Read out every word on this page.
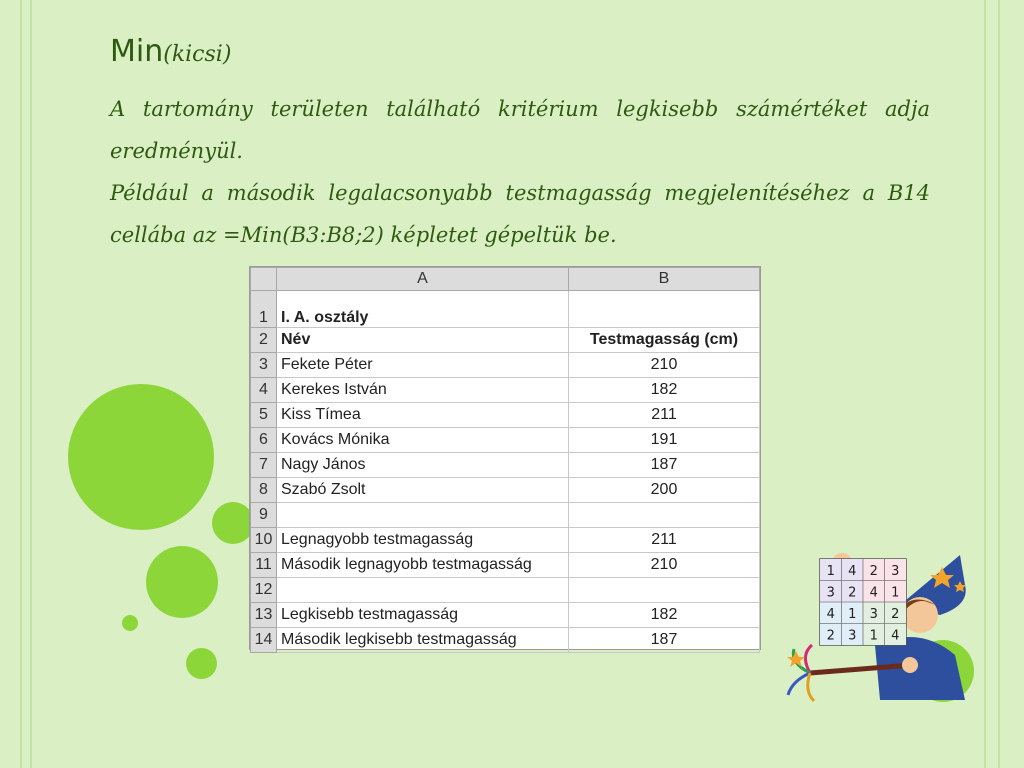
Min(kicsi)

A tartomány területen található kritérium legkisebb számértéket adja eredményül.

Például a második legalacsonyabb testmagasság megjelenítéséhez a B14 cellába az =Min(B3:B8;2) képletet gépeltük be.

	A	B
1	I. A. osztály	
2	Név	Testmagasság (cm)
3	Fekete Péter	210
4	Kerekes István	182
5	Kiss Tímea	211
6	Kovács Mónika	191
7	Nagy János	187
8	Szabó Zsolt	200
9		
10	Legnagyobb testmagasság	211
11	Második legnagyobb testmagasság	210
12		
13	Legkisebb testmagasság	182
14	Második legkisebb testmagasság	187
1 4 2 3
3 2 4 1
4 1 3 2
2 3 1 4
